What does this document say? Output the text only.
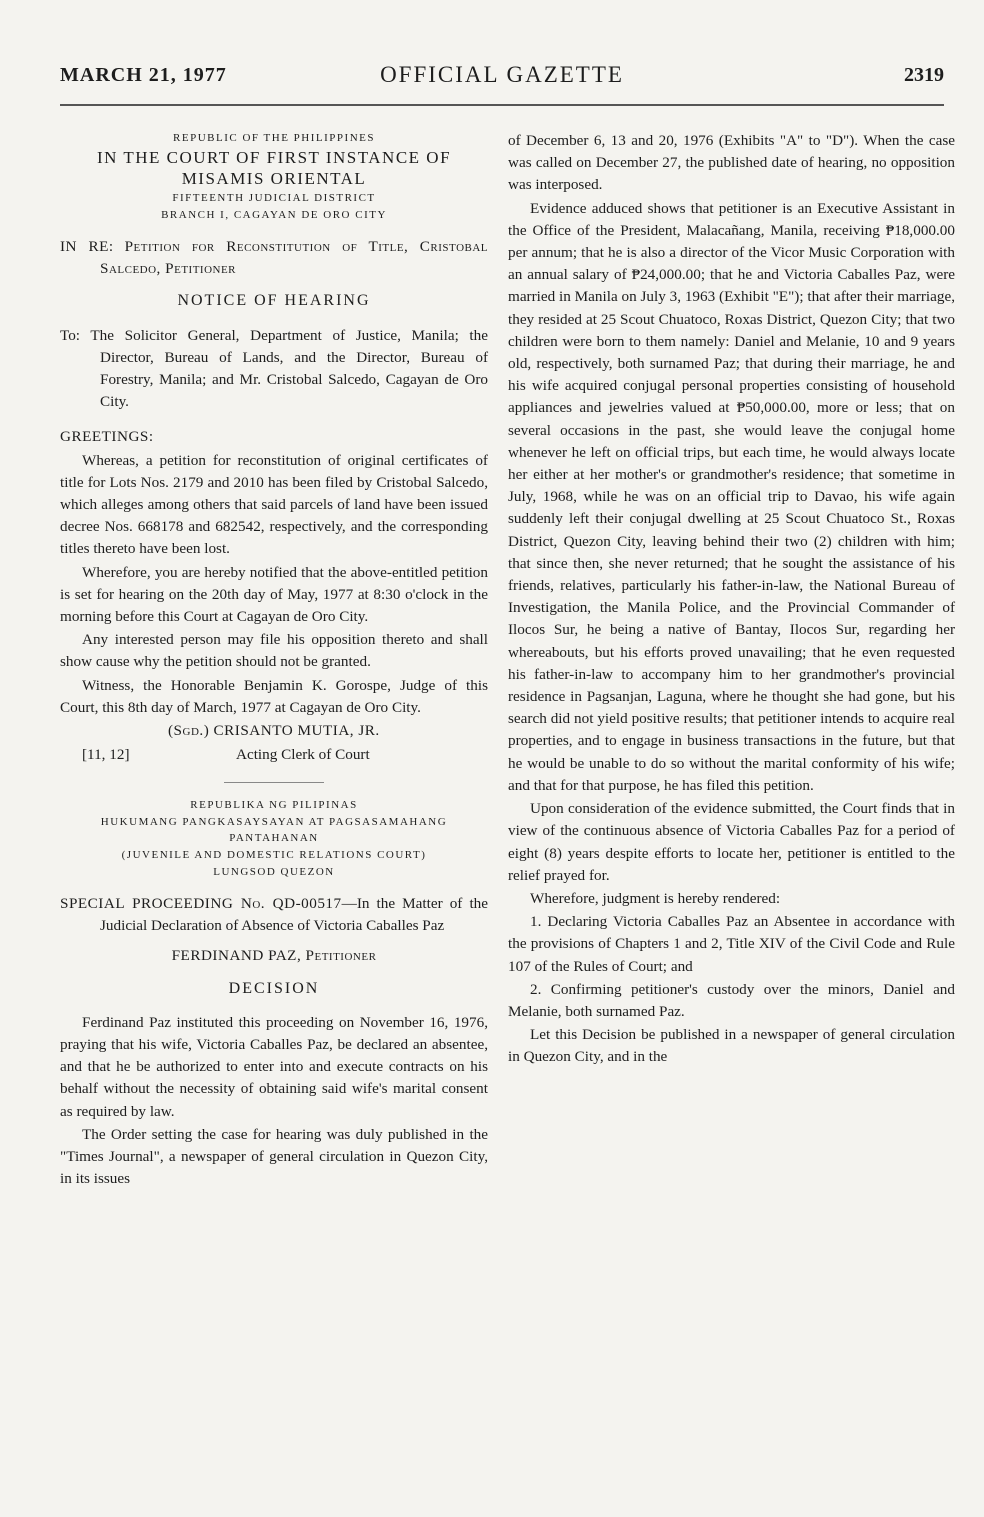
MARCH 21, 1977	OFFICIAL GAZETTE	2319

REPUBLIC OF THE PHILIPPINES

IN THE COURT OF FIRST INSTANCE OF MISAMIS ORIENTAL

FIFTEENTH JUDICIAL DISTRICT

BRANCH I, CAGAYAN DE ORO CITY

IN RE: Petition for Reconstitution of Title, Cristobal Salcedo, Petitioner

NOTICE OF HEARING

To: The Solicitor General, Department of Justice, Manila; the Director, Bureau of Lands, and the Director, Bureau of Forestry, Manila; and Mr. Cristobal Salcedo, Cagayan de Oro City.

GREETINGS:

Whereas, a petition for reconstitution of original certificates of title for Lots Nos. 2179 and 2010 has been filed by Cristobal Salcedo, which alleges among others that said parcels of land have been issued decree Nos. 668178 and 682542, respectively, and the corresponding titles thereto have been lost.

Wherefore, you are hereby notified that the above-entitled petition is set for hearing on the 20th day of May, 1977 at 8:30 o'clock in the morning before this Court at Cagayan de Oro City.

Any interested person may file his opposition thereto and shall show cause why the petition should not be granted.

Witness, the Honorable Benjamin K. Gorospe, Judge of this Court, this 8th day of March, 1977 at Cagayan de Oro City.

(Sgd.) CRISANTO MUTIA, JR.
[11, 12]	Acting Clerk of Court

REPUBLIKA NG PILIPINAS

HUKUMANG PANGKASAYSAYAN AT PAGSASAMAHANG PANTAHANAN

(JUVENILE AND DOMESTIC RELATIONS COURT)

LUNGSOD QUEZON

SPECIAL PROCEEDING No. QD-00517—In the Matter of the Judicial Declaration of Absence of Victoria Caballes Paz

FERDINAND PAZ, Petitioner

DECISION

Ferdinand Paz instituted this proceeding on November 16, 1976, praying that his wife, Victoria Caballes Paz, be declared an absentee, and that he be authorized to enter into and execute contracts on his behalf without the necessity of obtaining said wife's marital consent as required by law.

The Order setting the case for hearing was duly published in the "Times Journal", a newspaper of general circulation in Quezon City, in its issues

of December 6, 13 and 20, 1976 (Exhibits "A" to "D"). When the case was called on December 27, the published date of hearing, no opposition was interposed.

Evidence adduced shows that petitioner is an Executive Assistant in the Office of the President, Malacañang, Manila, receiving ₱18,000.00 per annum; that he is also a director of the Vicor Music Corporation with an annual salary of ₱24,000.00; that he and Victoria Caballes Paz, were married in Manila on July 3, 1963 (Exhibit "E"); that after their marriage, they resided at 25 Scout Chuatoco, Roxas District, Quezon City; that two children were born to them namely: Daniel and Melanie, 10 and 9 years old, respectively, both surnamed Paz; that during their marriage, he and his wife acquired conjugal personal properties consisting of household appliances and jewelries valued at ₱50,000.00, more or less; that on several occasions in the past, she would leave the conjugal home whenever he left on official trips, but each time, he would always locate her either at her mother's or grandmother's residence; that sometime in July, 1968, while he was on an official trip to Davao, his wife again suddenly left their conjugal dwelling at 25 Scout Chuatoco St., Roxas District, Quezon City, leaving behind their two (2) children with him; that since then, she never returned; that he sought the assistance of his friends, relatives, particularly his father-in-law, the National Bureau of Investigation, the Manila Police, and the Provincial Commander of Ilocos Sur, he being a native of Bantay, Ilocos Sur, regarding her whereabouts, but his efforts proved unavailing; that he even requested his father-in-law to accompany him to her grandmother's provincial residence in Pagsanjan, Laguna, where he thought she had gone, but his search did not yield positive results; that petitioner intends to acquire real properties, and to engage in business transactions in the future, but that he would be unable to do so without the marital conformity of his wife; and that for that purpose, he has filed this petition.

Upon consideration of the evidence submitted, the Court finds that in view of the continuous absence of Victoria Caballes Paz for a period of eight (8) years despite efforts to locate her, petitioner is entitled to the relief prayed for.

Wherefore, judgment is hereby rendered:

1. Declaring Victoria Caballes Paz an Absentee in accordance with the provisions of Chapters 1 and 2, Title XIV of the Civil Code and Rule 107 of the Rules of Court; and

2. Confirming petitioner's custody over the minors, Daniel and Melanie, both surnamed Paz.

Let this Decision be published in a newspaper of general circulation in Quezon City, and in the
